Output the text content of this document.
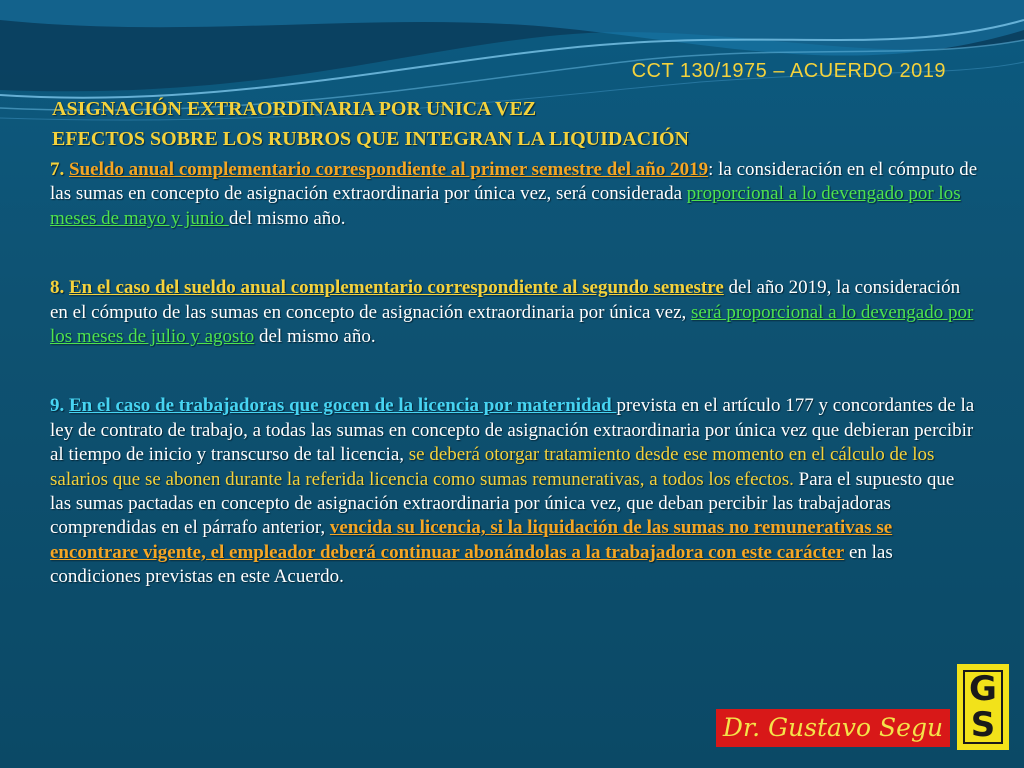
CCT 130/1975 – ACUERDO 2019
ASIGNACIÓN EXTRAORDINARIA POR UNICA VEZ
EFECTOS SOBRE LOS RUBROS QUE INTEGRAN LA LIQUIDACIÓN

7. Sueldo anual complementario correspondiente al primer semestre del año 2019: la consideración en el cómputo de las sumas en concepto de asignación extraordinaria por única vez, será considerada proporcional a lo devengado por los meses de mayo y junio del mismo año.

8. En el caso del sueldo anual complementario correspondiente al segundo semestre del año 2019, la consideración en el cómputo de las sumas en concepto de asignación extraordinaria por única vez, será proporcional a lo devengado por los meses de julio y agosto del mismo año.

9. En el caso de trabajadoras que gocen de la licencia por maternidad prevista en el artículo 177 y concordantes de la ley de contrato de trabajo, a todas las sumas en concepto de asignación extraordinaria por única vez que debieran percibir al tiempo de inicio y transcurso de tal licencia, se deberá otorgar tratamiento desde ese momento en el cálculo de los salarios que se abonen durante la referida licencia como sumas remunerativas, a todos los efectos. Para el supuesto que las sumas pactadas en concepto de asignación extraordinaria por única vez, que deban percibir las trabajadoras comprendidas en el párrafo anterior, vencida su licencia, si la liquidación de las sumas no remunerativas se encontrare vigente, el empleador deberá continuar abonándolas a la trabajadora con este carácter en las condiciones previstas en este Acuerdo.

Dr. Gustavo Segu
G
S
